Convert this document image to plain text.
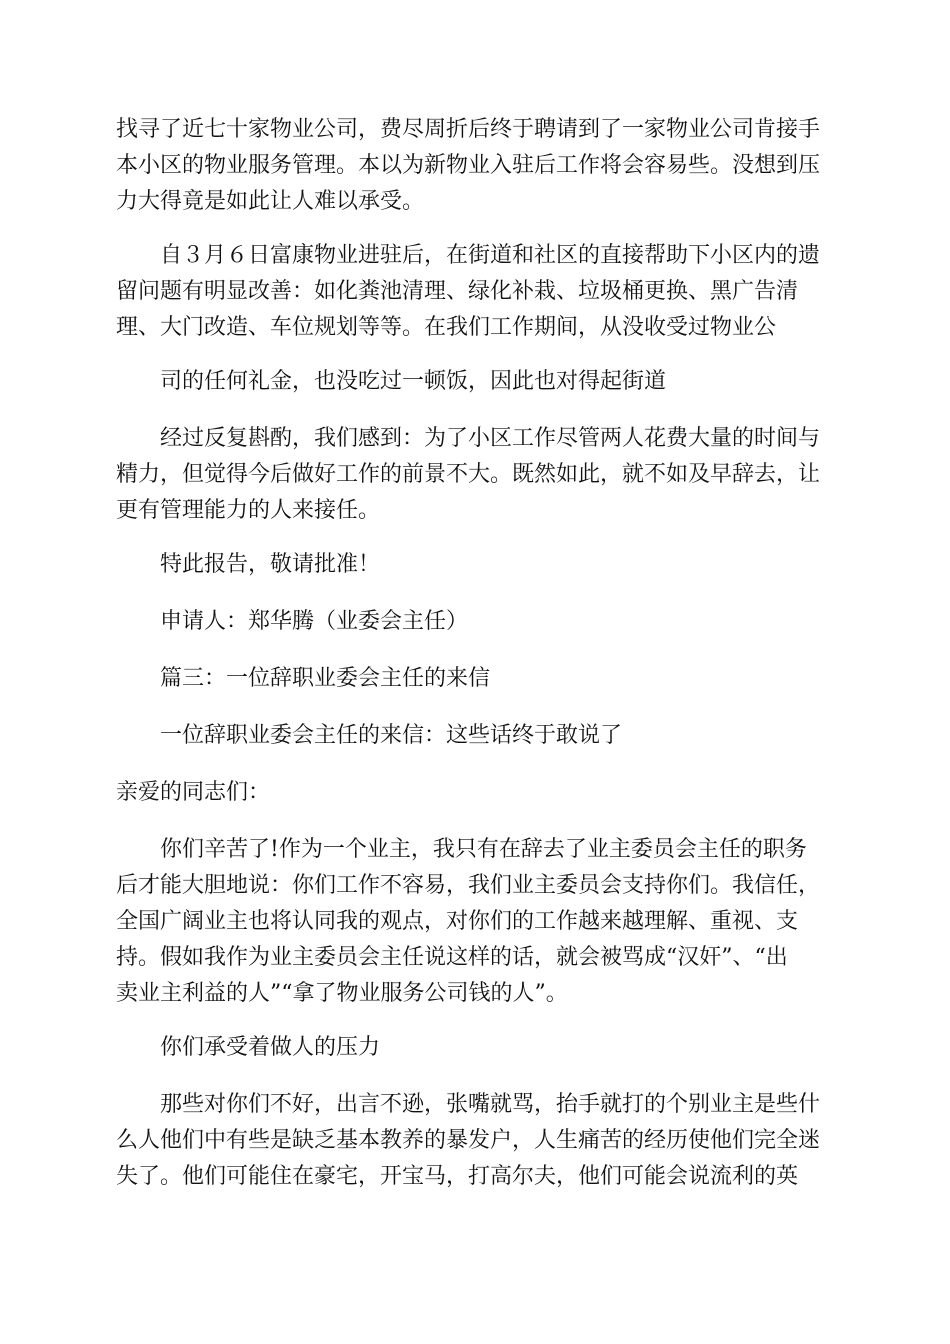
找寻了近七十家物业公司，费尽周折后终于聘请到了一家物业公司肯接手
本小区的物业服务管理。本以为新物业入驻后工作将会容易些。没想到压
力大得竟是如此让人难以承受。

自３月６日富康物业进驻后，在街道和社区的直接帮助下小区内的遗
留问题有明显改善：如化粪池清理、绿化补栽、垃圾桶更换、黑广告清
理、大门改造、车位规划等等。在我们工作期间，从没收受过物业公

司的任何礼金，也没吃过一顿饭，因此也对得起街道

经过反复斟酌，我们感到：为了小区工作尽管两人花费大量的时间与
精力，但觉得今后做好工作的前景不大。既然如此，就不如及早辞去，让
更有管理能力的人来接任。

特此报告，敬请批准！

申请人：郑华腾（业委会主任）

篇三：一位辞职业委会主任的来信

一位辞职业委会主任的来信：这些话终于敢说了

亲爱的同志们：

你们辛苦了!作为一个业主，我只有在辞去了业主委员会主任的职务
后才能大胆地说：你们工作不容易，我们业主委员会支持你们。我信任，
全国广阔业主也将认同我的观点，对你们的工作越来越理解、重视、支
持。假如我作为业主委员会主任说这样的话，就会被骂成“汉奸”、“出
卖业主利益的人”“拿了物业服务公司钱的人”。

你们承受着做人的压力

那些对你们不好，出言不逊，张嘴就骂，抬手就打的个别业主是些什
么人他们中有些是缺乏基本教养的暴发户，人生痛苦的经历使他们完全迷
失了。他们可能住在豪宅，开宝马，打高尔夫，他们可能会说流利的英
